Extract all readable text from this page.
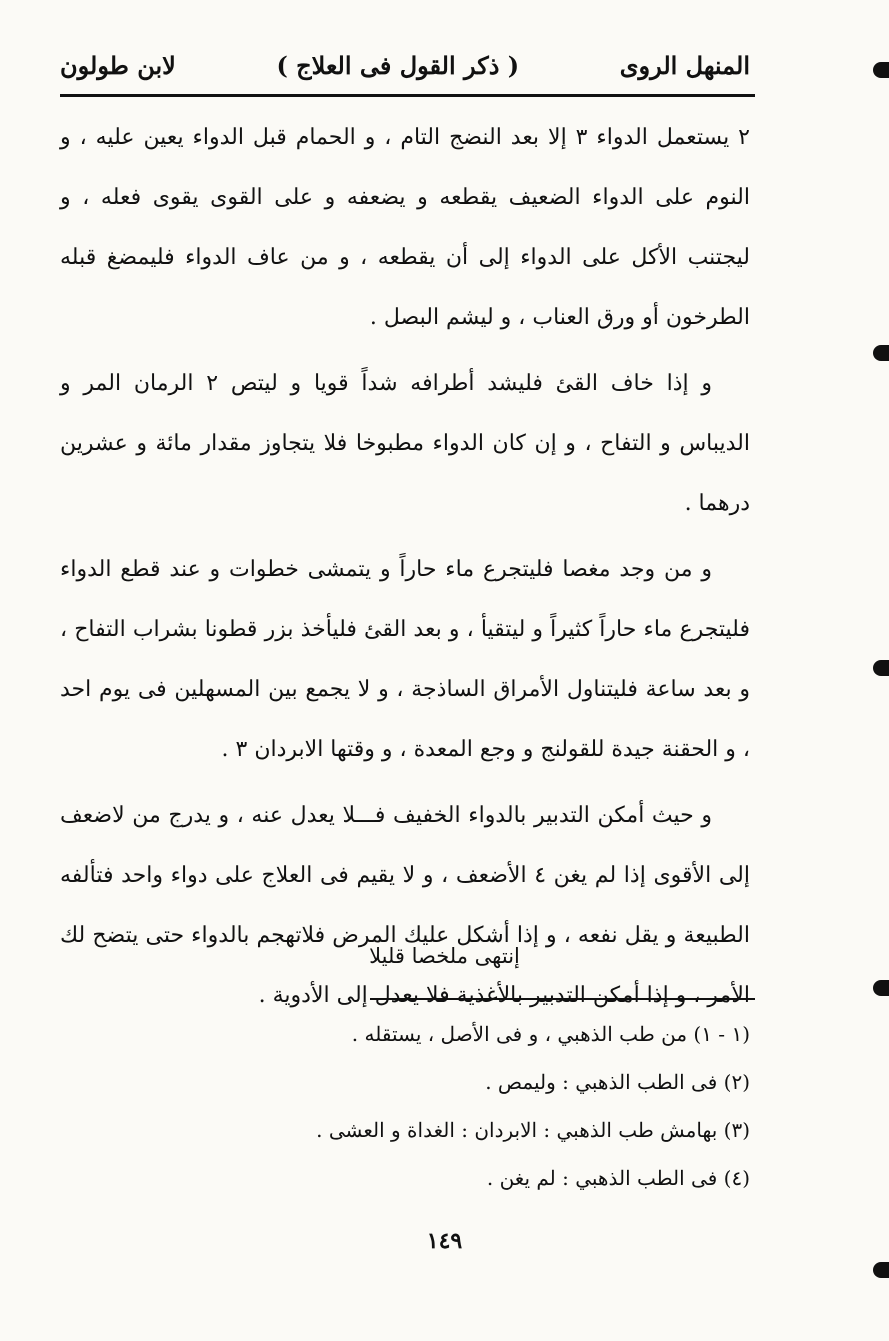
المنهل الروى
( ذكر القول فى العلاج )
لابن طولون

٢ يستعمل الدواء ٣ إلا بعد النضج التام ، و الحمام قبل الدواء يعين عليه ، و النوم على الدواء الضعيف يقطعه و يضعفه و على القوى يقوى فعله ، و ليجتنب الأكل على الدواء إلى أن يقطعه ، و من عاف الدواء فليمضغ قبله الطرخون أو ورق العناب ، و ليشم البصل .

و إذا خاف القئ فليشد أطرافه شداً قويا و ليتص ٢ الرمان المر و الديباس و التفاح ، و إن كان الدواء مطبوخا فلا يتجاوز مقدار مائة و عشرين درهما .

و من وجد مغصا فليتجرع ماء حاراً و يتمشى خطوات و عند قطع الدواء فليتجرع ماء حاراً كثيراً و ليتقيأ ، و بعد القئ فليأخذ بزر قطونا بشراب التفاح ، و بعد ساعة فليتناول الأمراق الساذجة ، و لا يجمع بين المسهلين فى يوم احد ، و الحقنة جيدة للقولنج و وجع المعدة ، و وقتها الابردان ٣ .

و حيث أمكن التدبير بالدواء الخفيف فـــلا يعدل عنه ، و يدرج من لاضعف إلى الأقوى إذا لم يغن ٤ الأضعف ، و لا يقيم فى العلاج على دواء واحد فتألفه الطبيعة و يقل نفعه ، و إذا أشكل عليك المرض فلاتهجم بالدواء حتى يتضح لك الأمر ، و إذا أمكن التدبير بالأغذية فلا يعدل إلى الأدوية .

إنتهى ملخصا قليلا
(١ - ١) من طب الذهبي ، و فى الأصل ، يستقله .
(٢) فى الطب الذهبي : وليمص .
(٣) بهامش طب الذهبي : الابردان : الغداة و العشى .
(٤) فى الطب الذهبي : لم يغن .
١٤٩
